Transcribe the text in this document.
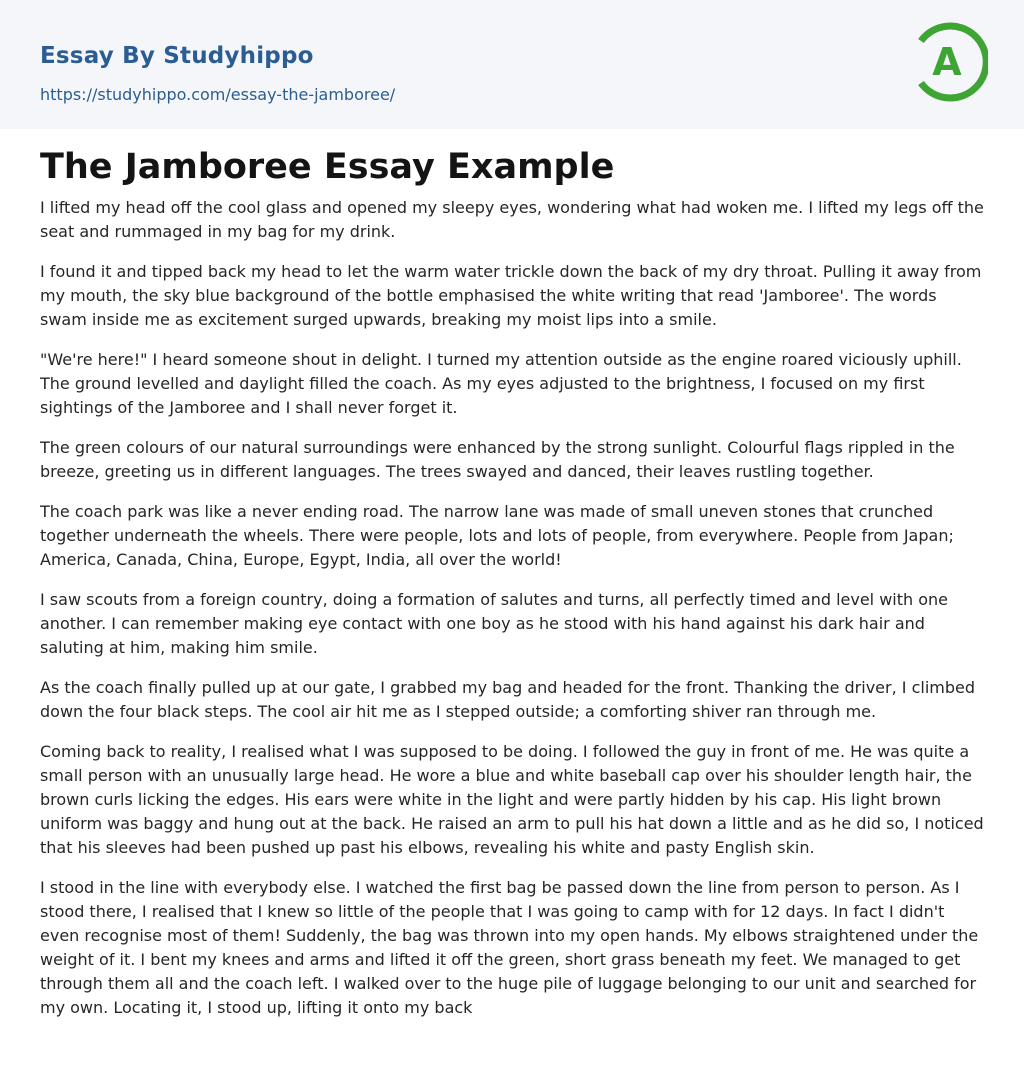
Essay By Studyhippo
https://studyhippo.com/essay-the-jamboree/
A
The Jamboree Essay Example

I lifted my head off the cool glass and opened my sleepy eyes, wondering what had woken me. I lifted my legs off the seat and rummaged in my bag for my drink.

I found it and tipped back my head to let the warm water trickle down the back of my dry throat. Pulling it away from my mouth, the sky blue background of the bottle emphasised the white writing that read 'Jamboree'. The words swam inside me as excitement surged upwards, breaking my moist lips into a smile.

"We're here!" I heard someone shout in delight. I turned my attention outside as the engine roared viciously uphill. The ground levelled and daylight filled the coach. As my eyes adjusted to the brightness, I focused on my first sightings of the Jamboree and I shall never forget it.

The green colours of our natural surroundings were enhanced by the strong sunlight. Colourful flags rippled in the breeze, greeting us in different languages. The trees swayed and danced, their leaves rustling together.

The coach park was like a never ending road. The narrow lane was made of small uneven stones that crunched together underneath the wheels. There were people, lots and lots of people, from everywhere. People from Japan; America, Canada, China, Europe, Egypt, India, all over the world!

I saw scouts from a foreign country, doing a formation of salutes and turns, all perfectly timed and level with one another. I can remember making eye contact with one boy as he stood with his hand against his dark hair and saluting at him, making him smile.

As the coach finally pulled up at our gate, I grabbed my bag and headed for the front. Thanking the driver, I climbed down the four black steps. The cool air hit me as I stepped outside; a comforting shiver ran through me.

Coming back to reality, I realised what I was supposed to be doing. I followed the guy in front of me. He was quite a small person with an unusually large head. He wore a blue and white baseball cap over his shoulder length hair, the brown curls licking the edges. His ears were white in the light and were partly hidden by his cap. His light brown uniform was baggy and hung out at the back. He raised an arm to pull his hat down a little and as he did so, I noticed that his sleeves had been pushed up past his elbows, revealing his white and pasty English skin.

I stood in the line with everybody else. I watched the first bag be passed down the line from person to person. As I stood there, I realised that I knew so little of the people that I was going to camp with for 12 days. In fact I didn't even recognise most of them! Suddenly, the bag was thrown into my open hands. My elbows straightened under the weight of it. I bent my knees and arms and lifted it off the green, short grass beneath my feet. We managed to get through them all and the coach left. I walked over to the huge pile of luggage belonging to our unit and searched for my own. Locating it, I stood up, lifting it onto my back
